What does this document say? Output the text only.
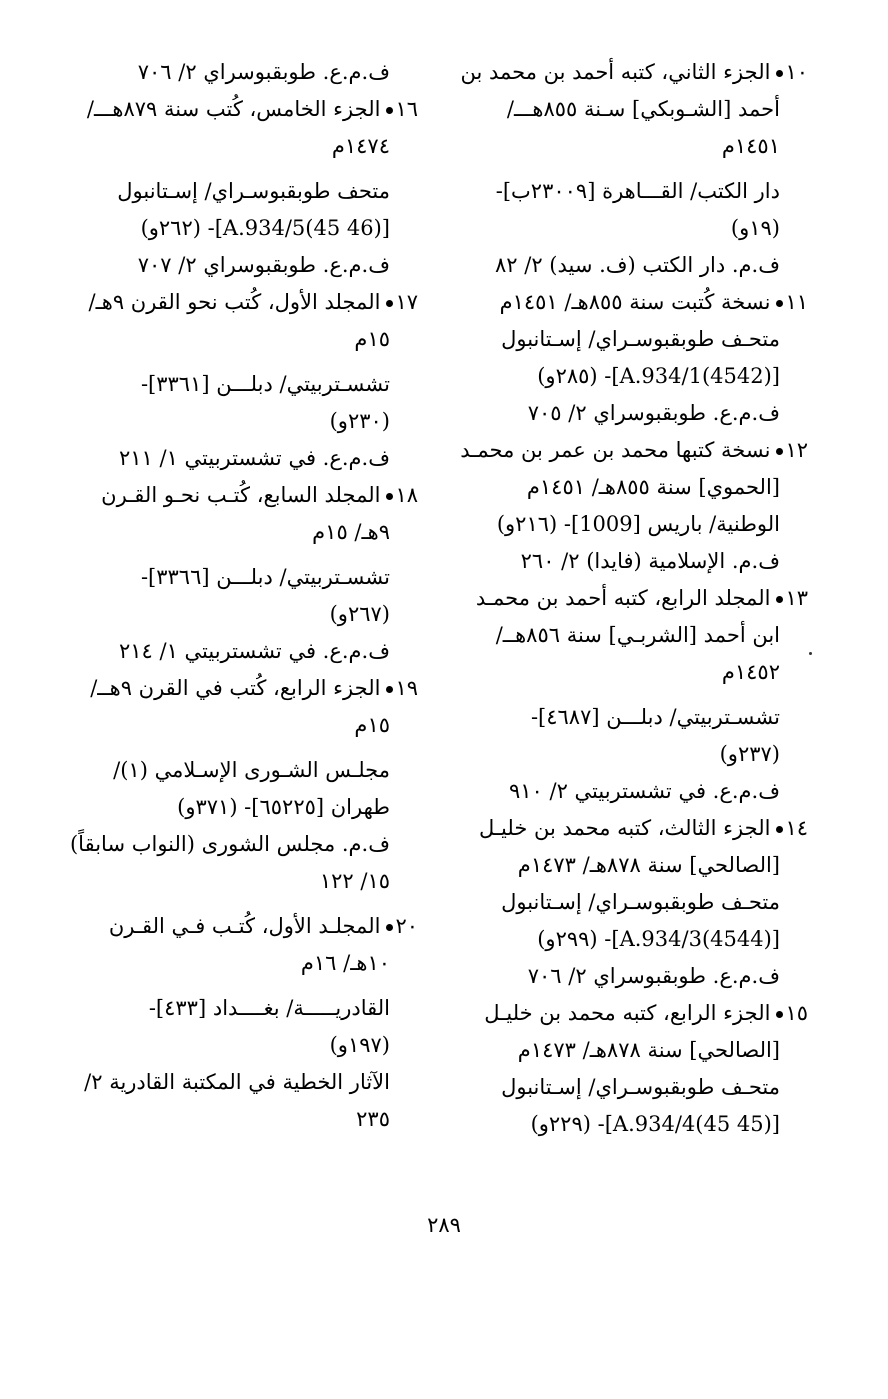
١٠الجزء الثاني، كتبه أحمد بن محمد بن
أحمد [الشـوبكي] سـنة ٨٥٥هـــ/
١٤٥١م
دار الكتب/ القـــاهرة [٢٣٠٠٩ب]-
(١٩و)
ف.م. دار الكتب (ف. سيد) ٢/ ٨٢
١١نسخة كُتبت سنة ٨٥٥هـ/ ١٤٥١م
متحـف طوبقبوسـراي/ إسـتانبول
[A.934/1(4542)]- (٢٨٥و)
ف.م.ع. طوبقبوسراي ٢/ ٧٠٥
١٢نسخة كتبها محمد بن عمر بن محمـد
[الحموي] سنة ٨٥٥هـ/ ١٤٥١م
الوطنية/ باريس [1009]- (٢١٦و)
ف.م. الإسلامية (فايدا) ٢/ ٢٦٠
١٣المجلد الرابع، كتبه أحمد بن محمـد
ابن أحمد [الشربـي] سنة ٨٥٦هــ/
١٤٥٢م
تشسـتربيتي/ دبلـــن [٤٦٨٧]-
(٢٣٧و)
ف.م.ع. في تشستربيتي ٢/ ٩١٠
١٤الجزء الثالث، كتبه محمد بن خليـل
[الصالحي] سنة ٨٧٨هـ/ ١٤٧٣م
متحـف طوبقبوسـراي/ إسـتانبول
[A.934/3(4544)]- (٢٩٩و)
ف.م.ع. طوبقبوسراي ٢/ ٧٠٦
١٥الجزء الرابع، كتبه محمد بن خليـل
[الصالحي] سنة ٨٧٨هـ/ ١٤٧٣م
متحـف طوبقبوسـراي/ إسـتانبول
[A.934/4(45 45)]- (٢٢٩و)
ف.م.ع. طوبقبوسراي ٢/ ٧٠٦
١٦الجزء الخامس، كُتب سنة ٨٧٩هـــ/
١٤٧٤م
متحف طوبقبوسـراي/ إسـتانبول
[A.934/5(45 46)]- (٢٦٢و)
ف.م.ع. طوبقبوسراي ٢/ ٧٠٧
١٧المجلد الأول، كُتب نحو القرن ٩هـ/
١٥م
تشسـتربيتي/ دبلـــن [٣٣٦١]-
(٢٣٠و)
ف.م.ع. في تشستربيتي ١/ ٢١١
١٨المجلد السابع، كُتـب نحـو القـرن
٩هـ/ ١٥م
تشسـتربيتي/ دبلـــن [٣٣٦٦]-
(٢٦٧و)
ف.م.ع. في تشستربيتي ١/ ٢١٤
١٩الجزء الرابع، كُتب في القرن ٩هــ/
١٥م
مجلـس الشـورى الإسـلامي (١)/
طهران [٦٥٢٢٥]- (٣٧١و)
ف.م. مجلس الشورى (النواب سابقاً)
١٥/ ١٢٢
٢٠المجلـد الأول، كُتـب فـي القـرن
١٠هـ/ ١٦م
القادريـــــة/ بغــــداد [٤٣٣]-
(١٩٧و)
الآثار الخطية في المكتبة القادرية ٢/
٢٣٥
٢٨٩
